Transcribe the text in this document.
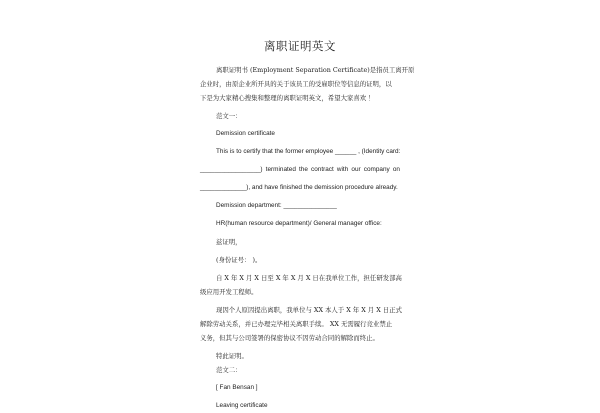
离职证明英文
离职证明书 (Employment Separation Certificate)是指员工离开原
企业时，由原企业所开具的关于该员工的受雇职位等信息的证明，以
下是为大家精心搜集和整理的离职证明英文，希望大家喜欢 ！
范文一：
Demission certificate
This is to certify that the former employee ______ , (Identity card:
_________________) terminated the contract with our company on
_____________), and have finished the demission procedure already.
Demission department: _______________
HR(human resource department)/ General manager office:
兹证明，
(身份证号： )。
自 X 年 X 月 X 日至 X 年 X 月 X 日在我单位工作，担任研发部高
级应用开发工程师。
现因个人原因提出离职，我单位与 XX 本人于 X 年 X 月 X 日正式
解除劳动关系，并已办理完毕相关离职手续。 XX 无需履行竞业禁止
义务，但其与公司签署的保密协议不因劳动合同的解除而终止。
特此证明。
范文二：
[ Fan Bensan ]
Leaving certificate
